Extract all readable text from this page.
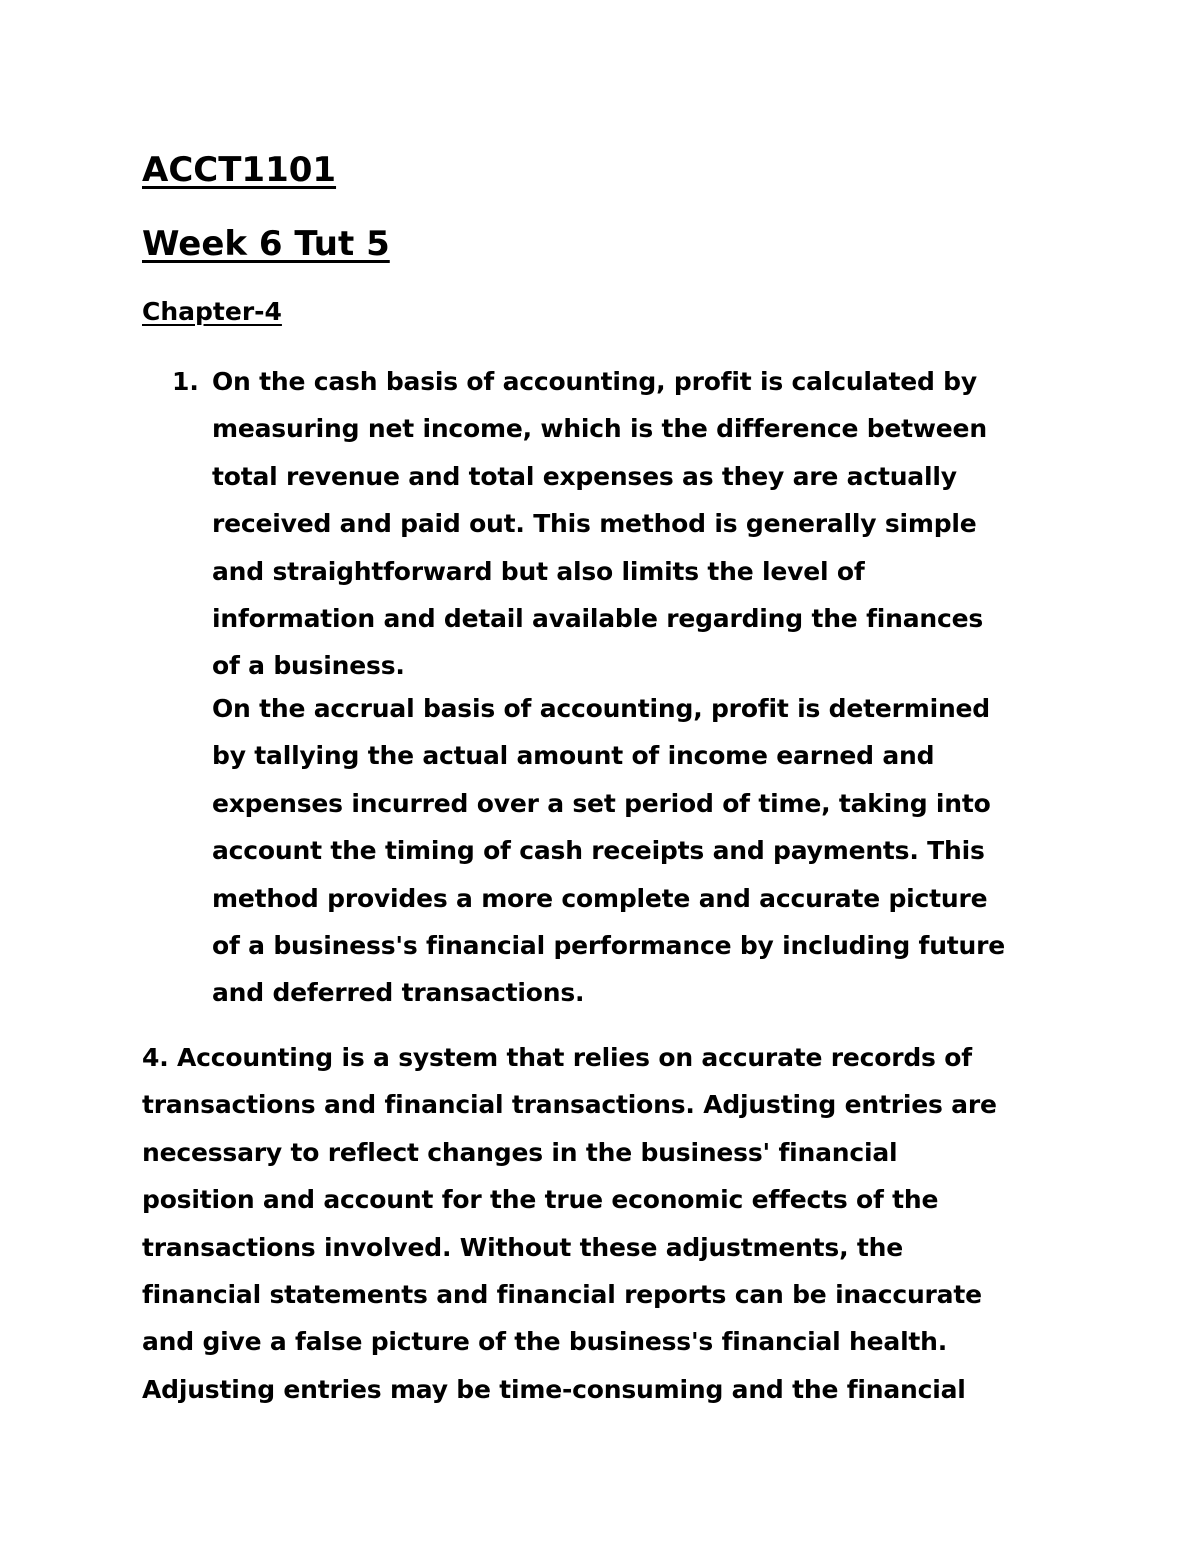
ACCT1101
Week 6 Tut 5
Chapter-4
1. On the cash basis of accounting, profit is calculated by
measuring net income, which is the difference between
total revenue and total expenses as they are actually
received and paid out. This method is generally simple
and straightforward but also limits the level of
information and detail available regarding the finances
of a business.
On the accrual basis of accounting, profit is determined
by tallying the actual amount of income earned and
expenses incurred over a set period of time, taking into
account the timing of cash receipts and payments. This
method provides a more complete and accurate picture
of a business's financial performance by including future
and deferred transactions.
4. Accounting is a system that relies on accurate records of
transactions and financial transactions. Adjusting entries are
necessary to reflect changes in the business' financial
position and account for the true economic effects of the
transactions involved. Without these adjustments, the
financial statements and financial reports can be inaccurate
and give a false picture of the business's financial health.
Adjusting entries may be time-consuming and the financial
